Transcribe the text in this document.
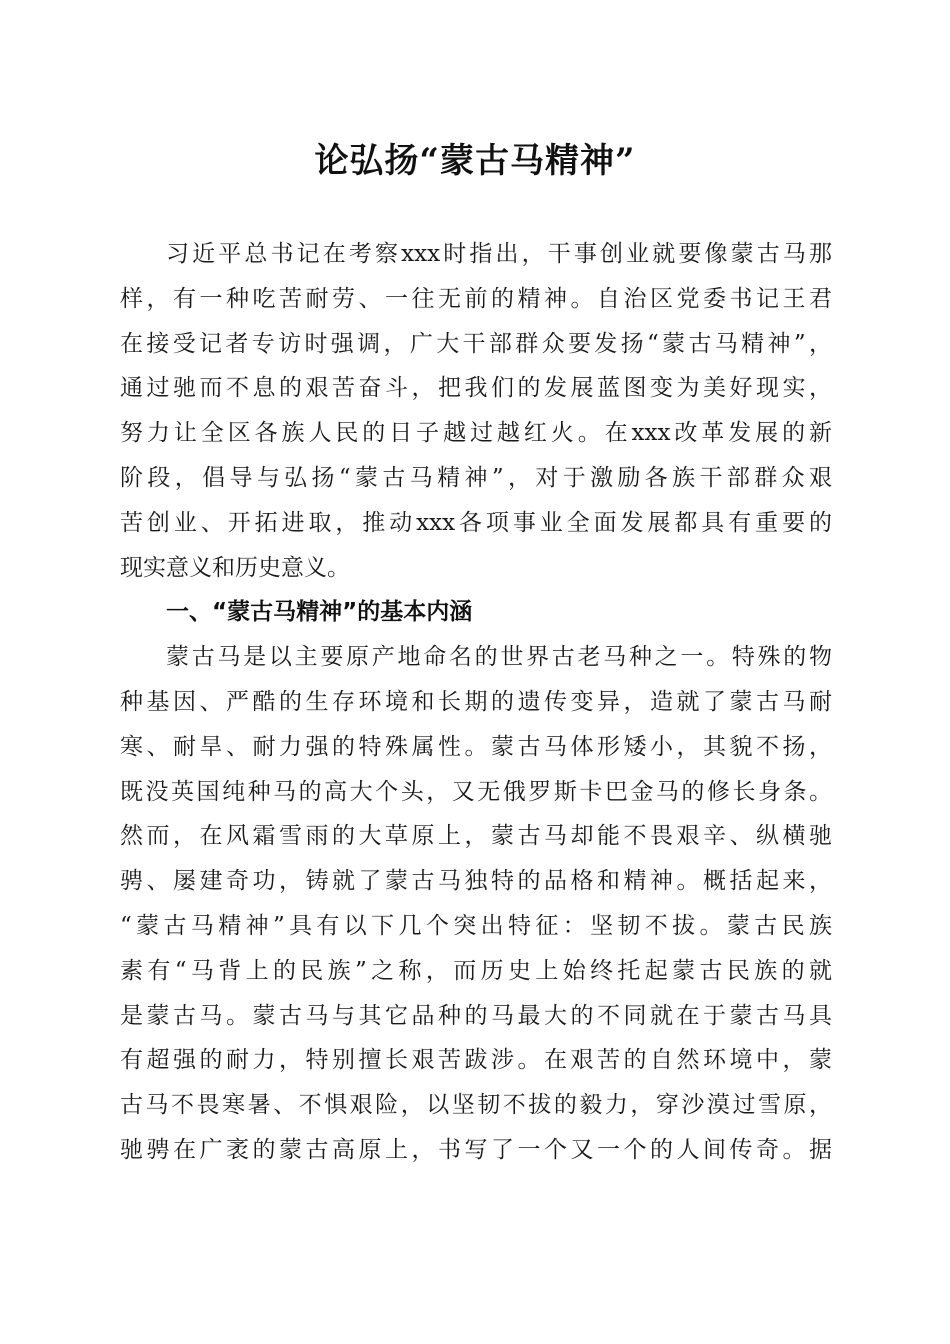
论弘扬“蒙古马精神”
习近平总书记在考察xxx时指出，干事创业就要像蒙古马那
样，有一种吃苦耐劳、一往无前的精神。自治区党委书记王君
在接受记者专访时强调，广大干部群众要发扬“蒙古马精神”，
通过驰而不息的艰苦奋斗，把我们的发展蓝图变为美好现实，
努力让全区各族人民的日子越过越红火。在xxx改革发展的新
阶段，倡导与弘扬“蒙古马精神”，对于激励各族干部群众艰
苦创业、开拓进取，推动xxx各项事业全面发展都具有重要的
现实意义和历史意义。
一、“蒙古马精神”的基本内涵
蒙古马是以主要原产地命名的世界古老马种之一。特殊的物
种基因、严酷的生存环境和长期的遗传变异，造就了蒙古马耐
寒、耐旱、耐力强的特殊属性。蒙古马体形矮小，其貌不扬，
既没英国纯种马的高大个头，又无俄罗斯卡巴金马的修长身条。
然而，在风霜雪雨的大草原上，蒙古马却能不畏艰辛、纵横驰
骋、屡建奇功，铸就了蒙古马独特的品格和精神。概括起来，
“蒙古马精神”具有以下几个突出特征：坚韧不拔。蒙古民族
素有“马背上的民族”之称，而历史上始终托起蒙古民族的就
是蒙古马。蒙古马与其它品种的马最大的不同就在于蒙古马具
有超强的耐力，特别擅长艰苦跋涉。在艰苦的自然环境中，蒙
古马不畏寒暑、不惧艰险，以坚韧不拔的毅力，穿沙漠过雪原，
驰骋在广袤的蒙古高原上，书写了一个又一个的人间传奇。据
